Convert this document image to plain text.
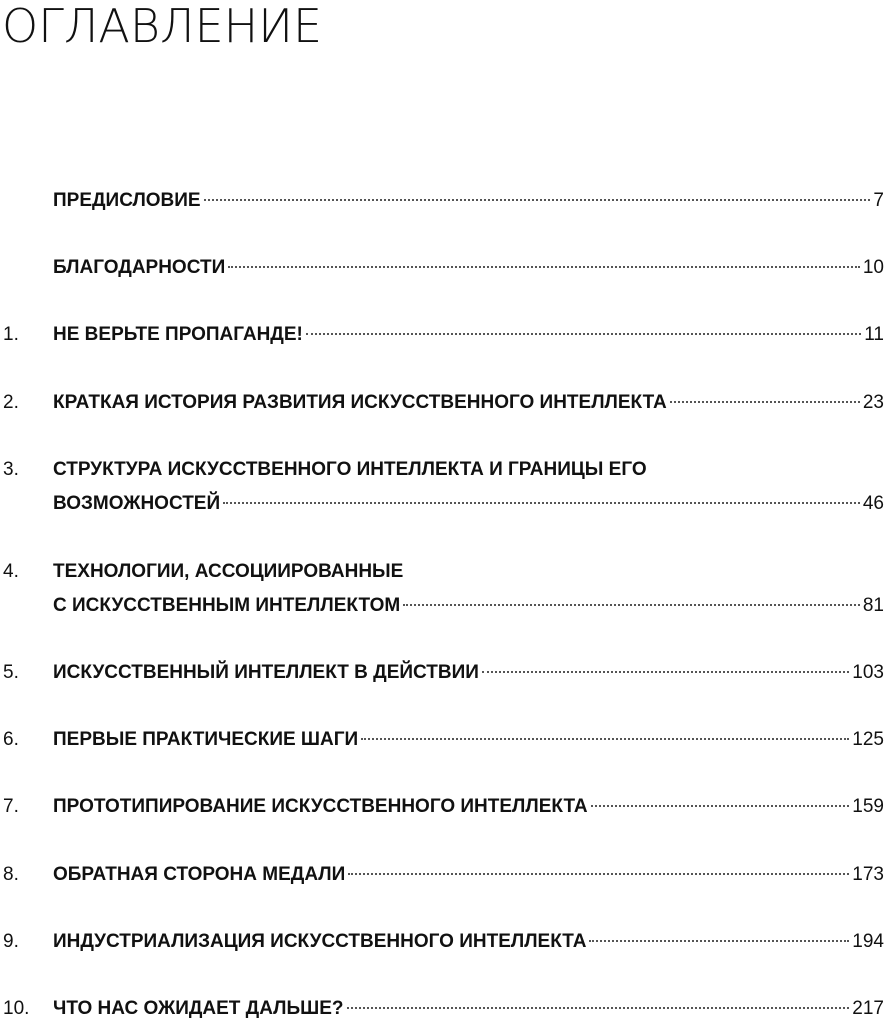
ОГЛАВЛЕНИЕ
ПРЕДИСЛОВИЕ	7
БЛАГОДАРНОСТИ	10
1. НЕ ВЕРЬТЕ ПРОПАГАНДЕ!	11
2. КРАТКАЯ ИСТОРИЯ РАЗВИТИЯ ИСКУССТВЕННОГО ИНТЕЛЛЕКТА	23
3. СТРУКТУРА ИСКУССТВЕННОГО ИНТЕЛЛЕКТА И ГРАНИЦЫ ЕГО
ВОЗМОЖНОСТЕЙ	46
4. ТЕХНОЛОГИИ, АССОЦИИРОВАННЫЕ
С ИСКУССТВЕННЫМ ИНТЕЛЛЕКТОМ	81
5. ИСКУССТВЕННЫЙ ИНТЕЛЛЕКТ В ДЕЙСТВИИ	103
6. ПЕРВЫЕ ПРАКТИЧЕСКИЕ ШАГИ	125
7. ПРОТОТИПИРОВАНИЕ ИСКУССТВЕННОГО ИНТЕЛЛЕКТА	159
8. ОБРАТНАЯ СТОРОНА МЕДАЛИ	173
9. ИНДУСТРИАЛИЗАЦИЯ ИСКУССТВЕННОГО ИНТЕЛЛЕКТА	194
10. ЧТО НАС ОЖИДАЕТ ДАЛЬШЕ?	217
